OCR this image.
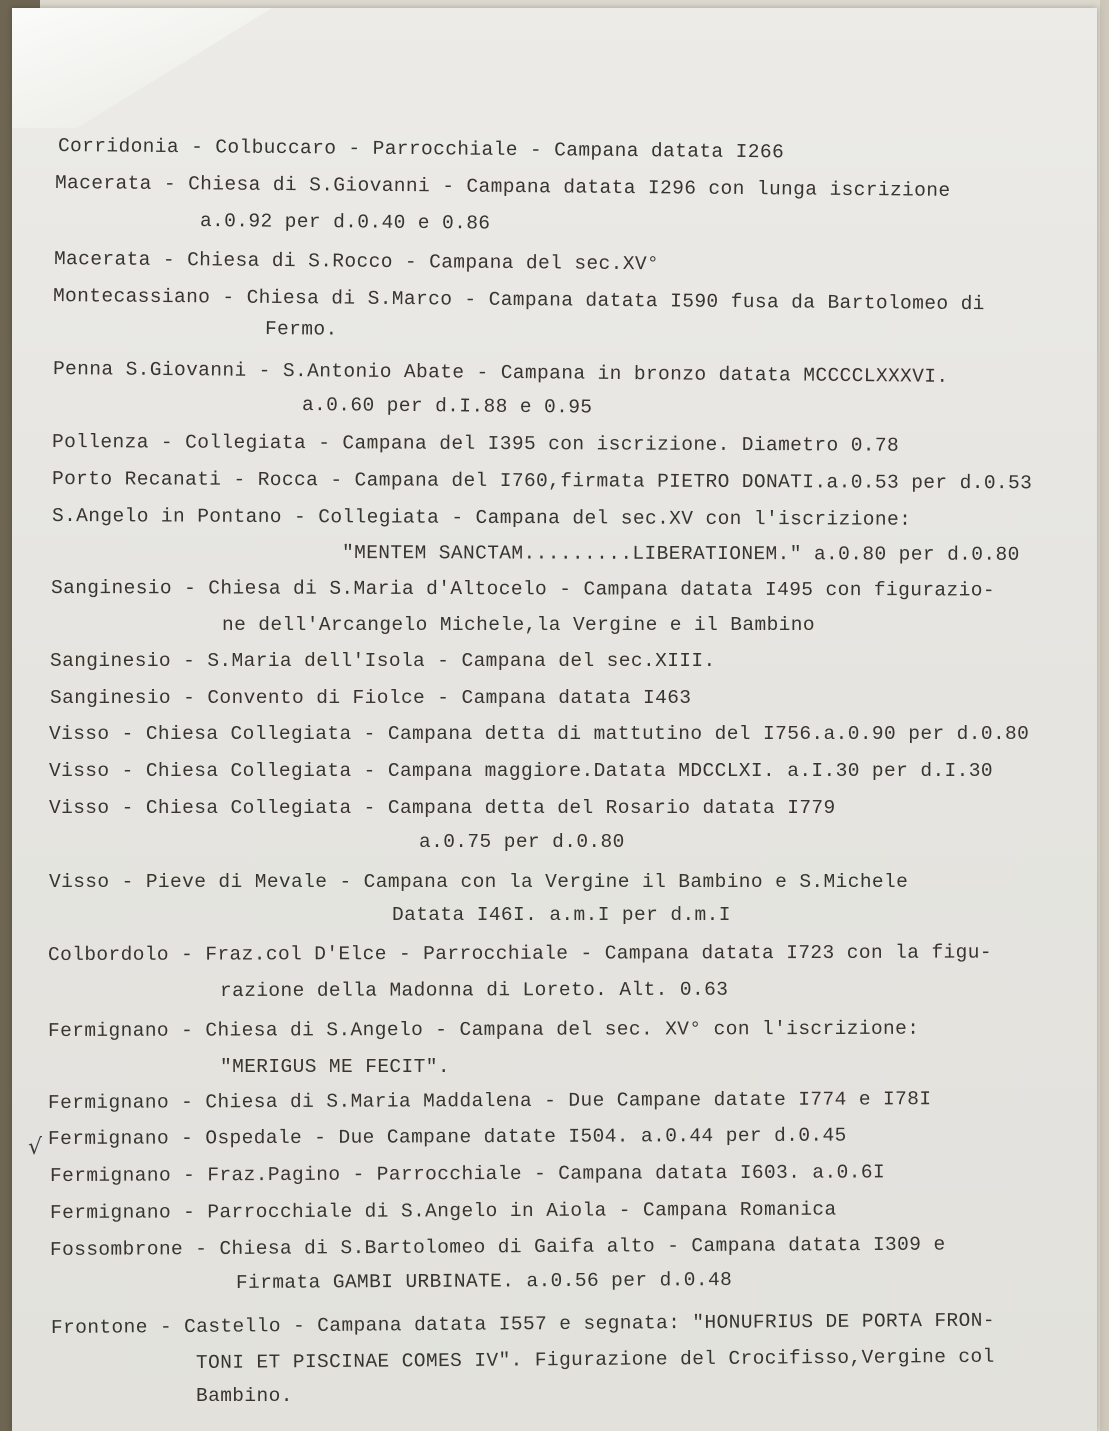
Corridonia - Colbuccaro - Parrocchiale - Campana datata I266
Macerata - Chiesa di S.Giovanni - Campana datata I296 con lunga iscrizione
a.0.92 per d.0.40 e 0.86
Macerata - Chiesa di S.Rocco - Campana del sec.XV°
Montecassiano - Chiesa di S.Marco - Campana datata I590 fusa da Bartolomeo di
Fermo.
Penna S.Giovanni - S.Antonio Abate - Campana in bronzo datata MCCCCLXXXVI.
a.0.60 per d.I.88 e 0.95
Pollenza - Collegiata - Campana del I395 con iscrizione. Diametro 0.78
Porto Recanati - Rocca - Campana del I760,firmata PIETRO DONATI.a.0.53 per d.0.53
S.Angelo in Pontano - Collegiata - Campana del sec.XV con l'iscrizione:
"MENTEM SANCTAM.........LIBERATIONEM." a.0.80 per d.0.80
Sanginesio - Chiesa di S.Maria d'Altocelo - Campana datata I495 con figurazio-
ne dell'Arcangelo Michele,la Vergine e il Bambino
Sanginesio - S.Maria dell'Isola - Campana del sec.XIII.
Sanginesio - Convento di Fiolce - Campana datata I463
Visso - Chiesa Collegiata - Campana detta di mattutino del I756.a.0.90 per d.0.80
Visso - Chiesa Collegiata - Campana maggiore.Datata MDCCLXI. a.I.30 per d.I.30
Visso - Chiesa Collegiata - Campana detta del Rosario datata I779
a.0.75 per d.0.80
Visso - Pieve di Mevale - Campana con la Vergine il Bambino e S.Michele
Datata I46I. a.m.I per d.m.I
Colbordolo - Fraz.col D'Elce - Parrocchiale - Campana datata I723 con la figu-
razione della Madonna di Loreto. Alt. 0.63
Fermignano - Chiesa di S.Angelo - Campana del sec. XV° con l'iscrizione:
"MERIGUS ME FECIT".
Fermignano - Chiesa di S.Maria Maddalena - Due Campane datate I774 e I78I
Fermignano - Ospedale - Due Campane datate I504. a.0.44 per d.0.45
Fermignano - Fraz.Pagino - Parrocchiale - Campana datata I603. a.0.6I
Fermignano - Parrocchiale di S.Angelo in Aiola - Campana Romanica
Fossombrone - Chiesa di S.Bartolomeo di Gaifa alto - Campana datata I309 e
Firmata GAMBI URBINATE. a.0.56 per d.0.48
Frontone - Castello - Campana datata I557 e segnata: "HONUFRIUS DE PORTA FRON-
TONI ET PISCINAE COMES IV". Figurazione del Crocifisso,Vergine col
Bambino.
√
